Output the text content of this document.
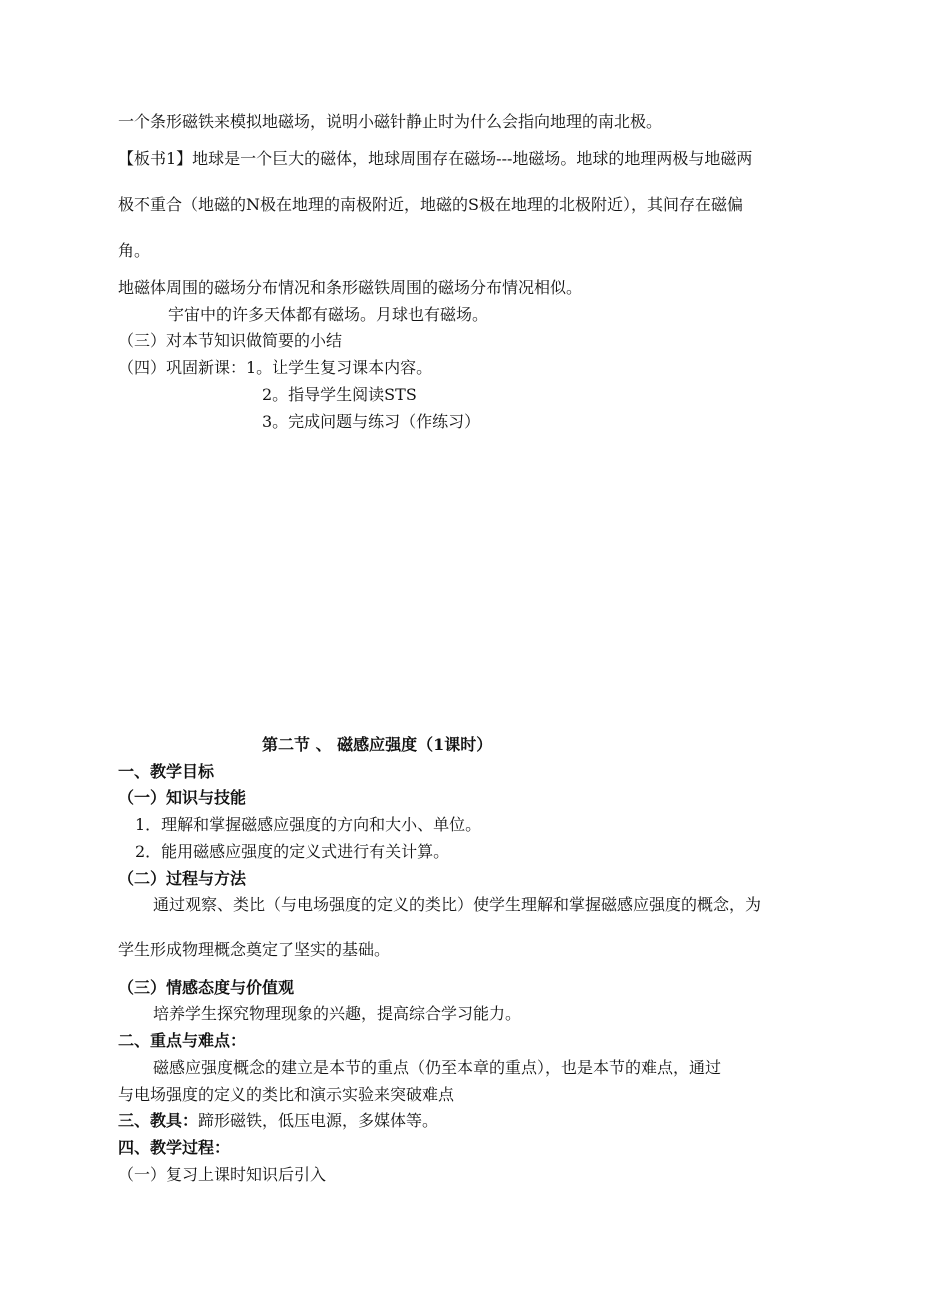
一个条形磁铁来模拟地磁场，说明小磁针静止时为什么会指向地理的南北极。
【板书1】地球是一个巨大的磁体，地球周围存在磁场---地磁场。地球的地理两极与地磁两
极不重合（地磁的N极在地理的南极附近，地磁的S极在地理的北极附近），其间存在磁偏
角。
地磁体周围的磁场分布情况和条形磁铁周围的磁场分布情况相似。
宇宙中的许多天体都有磁场。月球也有磁场。
（三）对本节知识做简要的小结
（四）巩固新课：1。让学生复习课本内容。
2。指导学生阅读STS
3。完成问题与练习（作练习）
第二节 、 磁感应强度（1课时）
一、教学目标
（一）知识与技能
1．理解和掌握磁感应强度的方向和大小、单位。
2．能用磁感应强度的定义式进行有关计算。
（二）过程与方法
通过观察、类比（与电场强度的定义的类比）使学生理解和掌握磁感应强度的概念，为
学生形成物理概念奠定了坚实的基础。
（三）情感态度与价值观
培养学生探究物理现象的兴趣，提高综合学习能力。
二、重点与难点：
磁感应强度概念的建立是本节的重点（仍至本章的重点），也是本节的难点，通过
与电场强度的定义的类比和演示实验来突破难点
三、教具：蹄形磁铁，低压电源，多媒体等。
四、教学过程：
（一）复习上课时知识后引入
